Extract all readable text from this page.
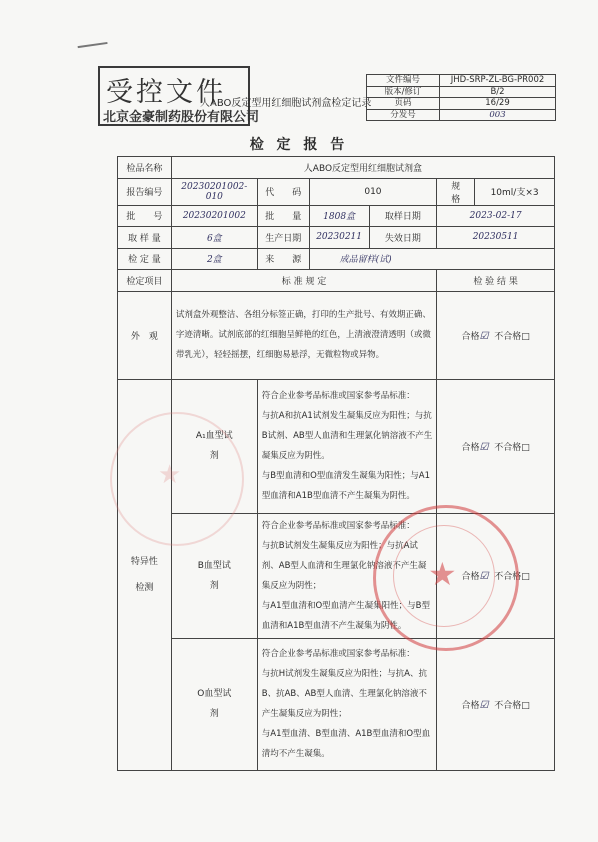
受控文件
北京金豪制药股份有限公司
人ABO反定型用红细胞试剂盒检定记录
文件编号	JHD-SRP-ZL-BG-PR002
版本/修订	B/2
页码	16/29
分发号	003
检 定 报 告
检品名称	人ABO反定型用红细胞试剂盒					
报告编号	20230201002-010	代　　码	010		规　　格	10ml/支×3
批　　号	20230201002	批　　量	1808盒	取样日期	2023-02-17	
取 样 量	6盒	生产日期	20230211	失效日期	20230511	
检 定 量	2盒	来　　源	成品留样(试)			
检定项目	标 准 规 定				检 验 结 果	
外　观	试剂盒外观整洁、各组分标签正确，打印的生产批号、有效期正确、字迹清晰。试剂底部的红细胞呈鲜艳的红色，上清液澄清透明（或微带乳光），轻轻摇摆，红细胞易悬浮，无微粒物或异物。				合格☑ 不合格□	
特异性检测	A₁血型试剂	符合企业参考品标准或国家参考品标准：
与抗A和抗A1试剂发生凝集反应为阳性；与抗B试剂、AB型人血清和生理氯化钠溶液不产生凝集反应为阴性。
与B型血清和O型血清发生凝集为阳性；与A1型血清和A1B型血清不产生凝集为阴性。			合格☑ 不合格□	
	B血型试剂	符合企业参考品标准或国家参考品标准：
与抗B试剂发生凝集反应为阳性；与抗A试剂、AB型人血清和生理氯化钠溶液不产生凝集反应为阴性；
与A1型血清和O型血清产生凝集阳性；与B型血清和A1B型血清不产生凝集为阴性。			合格☑ 不合格□	
	O血型试剂	符合企业参考品标准或国家参考品标准：
与抗H试剂发生凝集反应为阳性；与抗A、抗B、抗AB、AB型人血清、生理氯化钠溶液不产生凝集反应为阴性；
与A1型血清、B型血清、A1B型血清和O型血清均不产生凝集。			合格☑ 不合格□	
★
★
